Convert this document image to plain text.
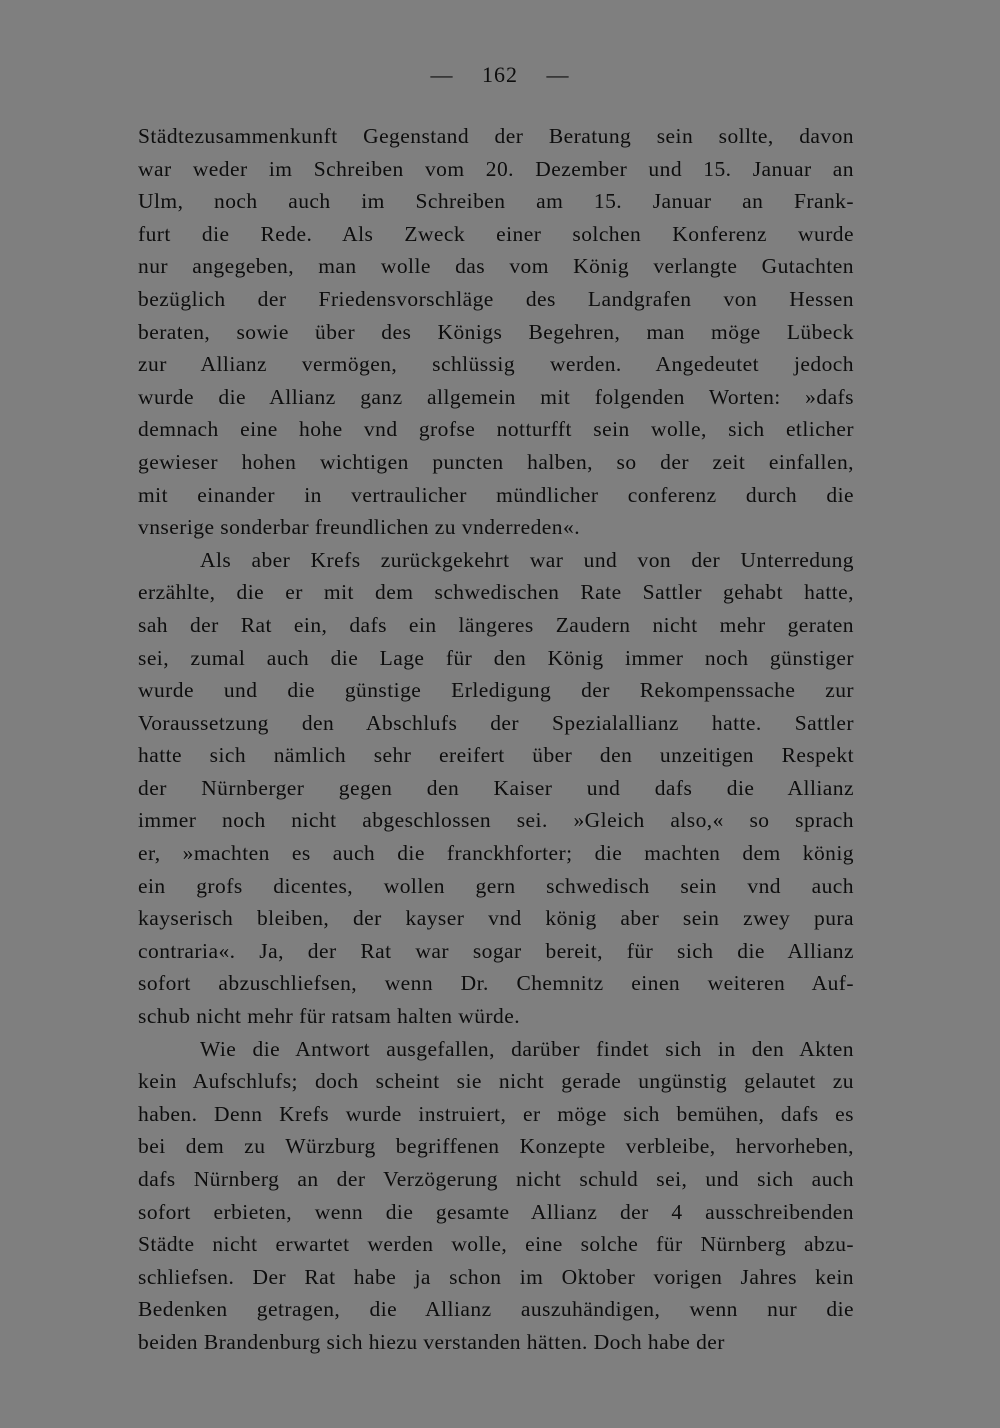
— 162 —
Städtezusammenkunft Gegenstand der Beratung sein sollte, davon
war weder im Schreiben vom 20. Dezember und 15. Januar an
Ulm, noch auch im Schreiben am 15. Januar an Frank-
furt die Rede. Als Zweck einer solchen Konferenz wurde
nur angegeben, man wolle das vom König verlangte Gutachten
bezüglich der Friedensvorschläge des Landgrafen von Hessen
beraten, sowie über des Königs Begehren, man möge Lübeck
zur Allianz vermögen, schlüssig werden. Angedeutet jedoch
wurde die Allianz ganz allgemein mit folgenden Worten: »dafs
demnach eine hohe vnd grofse notturfft sein wolle, sich etlicher
gewieser hohen wichtigen puncten halben, so der zeit einfallen,
mit einander in vertraulicher mündlicher conferenz durch die
vnserige sonderbar freundlichen zu vnderreden«.
Als aber Krefs zurückgekehrt war und von der Unterredung
erzählte, die er mit dem schwedischen Rate Sattler gehabt hatte,
sah der Rat ein, dafs ein längeres Zaudern nicht mehr geraten
sei, zumal auch die Lage für den König immer noch günstiger
wurde und die günstige Erledigung der Rekompenssache zur
Voraussetzung den Abschlufs der Spezialallianz hatte. Sattler
hatte sich nämlich sehr ereifert über den unzeitigen Respekt
der Nürnberger gegen den Kaiser und dafs die Allianz
immer noch nicht abgeschlossen sei. »Gleich also,« so sprach
er, »machten es auch die franckhforter; die machten dem könig
ein grofs dicentes, wollen gern schwedisch sein vnd auch
kayserisch bleiben, der kayser vnd könig aber sein zwey pura
contraria«. Ja, der Rat war sogar bereit, für sich die Allianz
sofort abzuschliefsen, wenn Dr. Chemnitz einen weiteren Auf-
schub nicht mehr für ratsam halten würde.
Wie die Antwort ausgefallen, darüber findet sich in den Akten
kein Aufschlufs; doch scheint sie nicht gerade ungünstig gelautet zu
haben. Denn Krefs wurde instruiert, er möge sich bemühen, dafs es
bei dem zu Würzburg begriffenen Konzepte verbleibe, hervorheben,
dafs Nürnberg an der Verzögerung nicht schuld sei, und sich auch
sofort erbieten, wenn die gesamte Allianz der 4 ausschreibenden
Städte nicht erwartet werden wolle, eine solche für Nürnberg abzu-
schliefsen. Der Rat habe ja schon im Oktober vorigen Jahres kein
Bedenken getragen, die Allianz auszuhändigen, wenn nur die
beiden Brandenburg sich hiezu verstanden hätten. Doch habe der
